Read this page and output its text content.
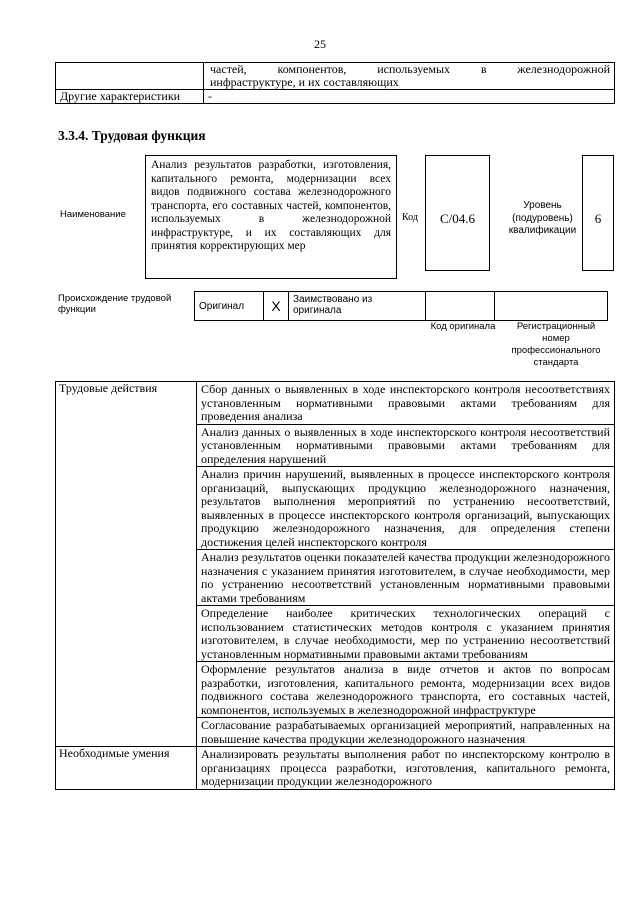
25

	частей, компонентов, используемых в железнодорожной
инфраструктуре, и их составляющих

Другие характеристики	-
3.3.4. Трудовая функция
Наименование
Анализ результатов разработки, изготовления, капитального ремонта, модернизации всех видов подвижного состава железнодорожного транспорта, его составных частей, компонентов, используемых в железнодорожной инфраструктуре, и их составляющих для принятия корректирующих мер
Код	C/04.6
Уровень (подуровень) квалификации
6
Происхождение трудовой функции	Оригинал	X	Заимствовано из оригинала		
Код оригинала	Регистрационный номер профессионального стандарта
Трудовые действия	Сбор данных о выявленных в ходе инспекторского контроля несоответствиях установленным нормативными правовыми актами требованиям для проведения анализа
	Анализ данных о выявленных в ходе инспекторского контроля несоответствий установленным нормативными правовыми актами требованиям для определения нарушений
	Анализ причин нарушений, выявленных в процессе инспекторского контроля организаций, выпускающих продукцию железнодорожного назначения, результатов выполнения мероприятий по устранению несоответствий, выявленных в процессе инспекторского контроля организаций, выпускающих продукцию железнодорожного назначения, для определения степени достижения целей инспекторского контроля
	Анализ результатов оценки показателей качества продукции железнодорожного назначения с указанием принятия изготовителем, в случае необходимости, мер по устранению несоответствий установленным нормативными правовыми актами требованиям
	Определение наиболее критических технологических операций с использованием статистических методов контроля с указанием принятия изготовителем, в случае необходимости, мер по устранению несоответствий установленным нормативными правовыми актами требованиям
	Оформление результатов анализа в виде отчетов и актов по вопросам разработки, изготовления, капитального ремонта, модернизации всех видов подвижного состава железнодорожного транспорта, его составных частей, компонентов, используемых в железнодорожной инфраструктуре
	Согласование разрабатываемых организацией мероприятий, направленных на повышение качества продукции железнодорожного назначения
Необходимые умения	Анализировать результаты выполнения работ по инспекторскому контролю в организациях процесса разработки, изготовления, капитального ремонта, модернизации продукции железнодорожного
